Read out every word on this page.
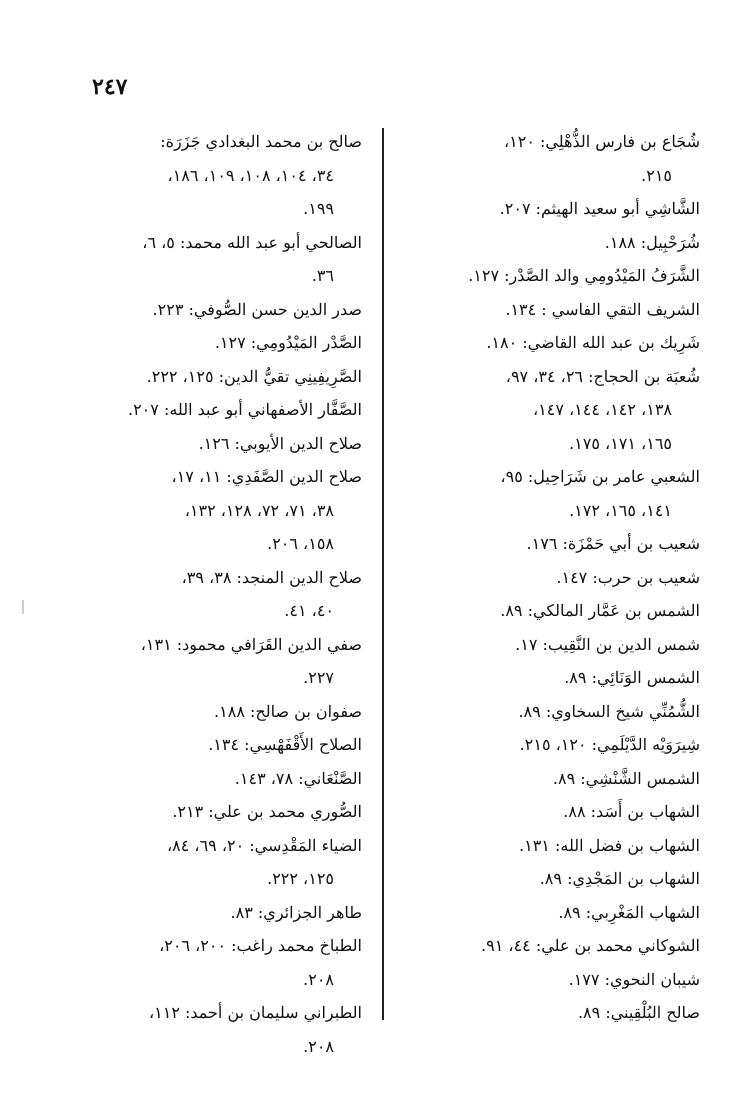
٢٤٧
شُجَاع بن فارس الذُّهْلِي: ١٢٠،
٢١٥.
الشَّاشِي أبو سعيد الهيثم: ٢٠٧.
شُرَحْبِيل: ١٨٨.
الشَّرَفُ المَيْدُومِي والد الصَّدْر: ١٢٧.
الشريف التقي الفاسي : ١٣٤.
شَرِيك بن عبد الله القاضي: ١٨٠.
شُعبَة بن الحجاج: ٢٦، ٣٤، ٩٧،
١٣٨، ١٤٢، ١٤٤، ١٤٧،
١٦٥، ١٧١، ١٧٥.
الشعبي عامر بن شَرَاحِيل: ٩٥،
١٤١، ١٦٥، ١٧٢.
شعيب بن أبي حَمْزَة: ١٧٦.
شعيب بن حرب: ١٤٧.
الشمس بن عَمَّار المالكي: ٨٩.
شمس الدين بن النَّقِيب: ١٧.
الشمس الوَنَائِي: ٨٩.
الشُّمُنِّي شيخ السخاوي: ٨٩.
شِيرَوَيْه الدَّيْلَمِي: ١٢٠، ٢١٥.
الشمس الشَّنْشِي: ٨٩.
الشهاب بن أَسَد: ٨٨.
الشهاب بن فضل الله: ١٣١.
الشهاب بن المَجْدِي: ٨٩.
الشهاب المَغْرِبي: ٨٩.
الشوكاني محمد بن علي: ٤٤، ٩١.
شيبان النحوي: ١٧٧.
صالح البُلْقِيني: ٨٩.
صالح بن محمد البغدادي جَزَرَة:
٣٤، ١٠٤، ١٠٨، ١٠٩، ١٨٦،
١٩٩.
الصالحي أبو عبد الله محمد: ٥، ٦،
٣٦.
صدر الدين حسن الصُّوفي: ٢٢٣.
الصَّدْر المَيْدُومِي: ١٢٧.
الصَّرِيفِينِي تقيُّ الدين: ١٢٥، ٢٢٢.
الصَّفَّار الأصفهاني أبو عبد الله: ٢٠٧.
صلاح الدين الأيوبي: ١٢٦.
صلاح الدين الصَّفَدِي: ١١، ١٧،
٣٨، ٧١، ٧٢، ١٢٨، ١٣٢،
١٥٨، ٢٠٦.
صلاح الدين المنجد: ٣٨، ٣٩،
٤٠، ٤١.
صفي الدين القَرَافي محمود: ١٣١،
٢٢٧.
صفوان بن صالح: ١٨٨.
الصلاح الأَقْفَهْسِي: ١٣٤.
الصَّنْعَاني: ٧٨، ١٤٣.
الصُّوري محمد بن علي: ٢١٣.
الضياء المَقْدِسي: ٢٠، ٦٩، ٨٤،
١٢٥، ٢٢٢.
طاهر الجزائري: ٨٣.
الطباخ محمد راغب: ٢٠٠، ٢٠٦،
٢٠٨.
الطبراني سليمان بن أحمد: ١١٢،
٢٠٨.
